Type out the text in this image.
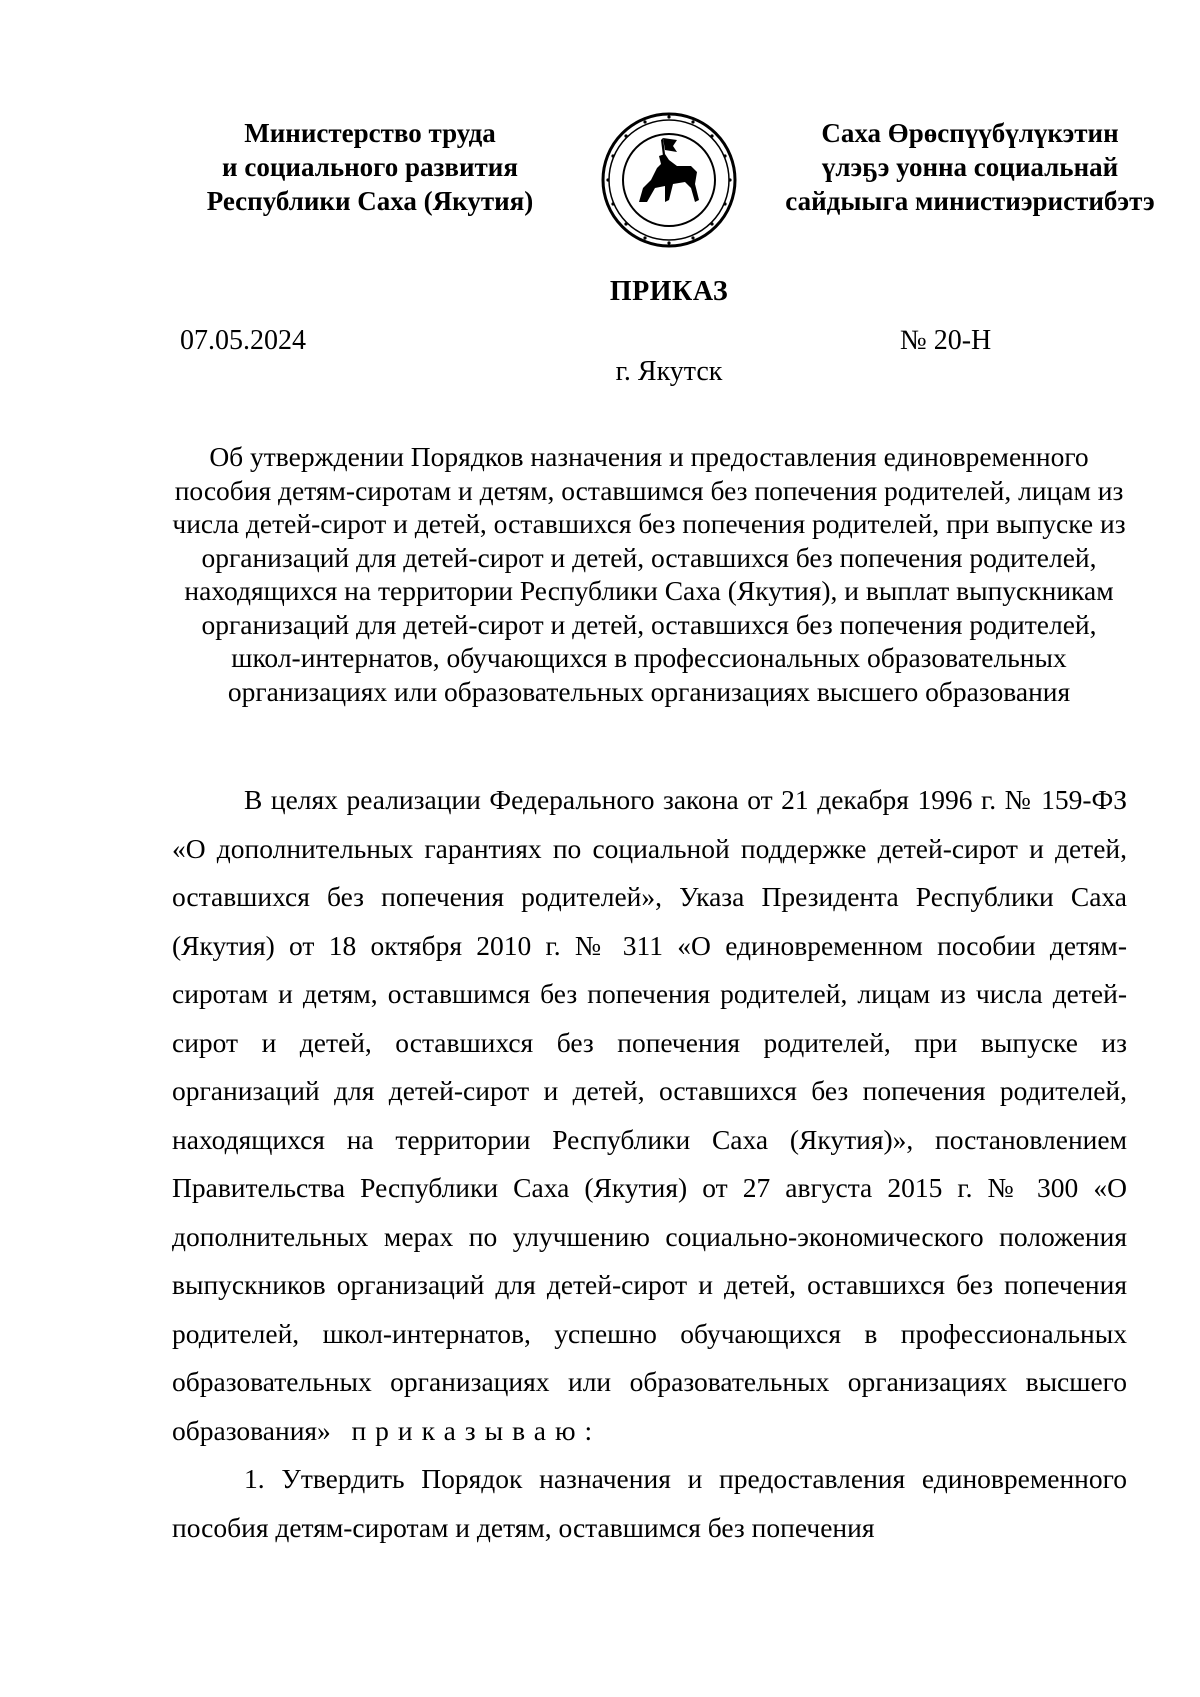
Министерство труда
и социального развития
Республики Саха (Якутия)
Саха Өрөспүүбүлүкэтин
үлэҕэ уонна социальнай
сайдыыга министиэристибэтэ
ПРИКАЗ
07.05.2024	№ 20-Н
г. Якутск
Об утверждении Порядков назначения и предоставления единовременного пособия детям-сиротам и детям, оставшимся без попечения родителей, лицам из числа детей-сирот и детей, оставшихся без попечения родителей, при выпуске из организаций для детей-сирот и детей, оставшихся без попечения родителей, находящихся на территории Республики Саха (Якутия), и выплат выпускникам организаций для детей-сирот и детей, оставшихся без попечения родителей, школ-интернатов, обучающихся в профессиональных образовательных организациях или образовательных организациях высшего образования

В целях реализации Федерального закона от 21 декабря 1996 г. № 159-ФЗ «О дополнительных гарантиях по социальной поддержке детей-сирот и детей, оставшихся без попечения родителей», Указа Президента Республики Саха (Якутия) от 18 октября 2010 г. № 311 «О единовременном пособии детям-сиротам и детям, оставшимся без попечения родителей, лицам из числа детей-сирот и детей, оставшихся без попечения родителей, при выпуске из организаций для детей-сирот и детей, оставшихся без попечения родителей, находящихся на территории Республики Саха (Якутия)», постановлением Правительства Республики Саха (Якутия) от 27 августа 2015 г. № 300 «О дополнительных мерах по улучшению социально-экономического положения выпускников организаций для детей-сирот и детей, оставшихся без попечения родителей, школ-интернатов, успешно обучающихся в профессиональных образовательных организациях или образовательных организациях высшего образования» приказываю:

1. Утвердить Порядок назначения и предоставления единовременного пособия детям-сиротам и детям, оставшимся без попечения
